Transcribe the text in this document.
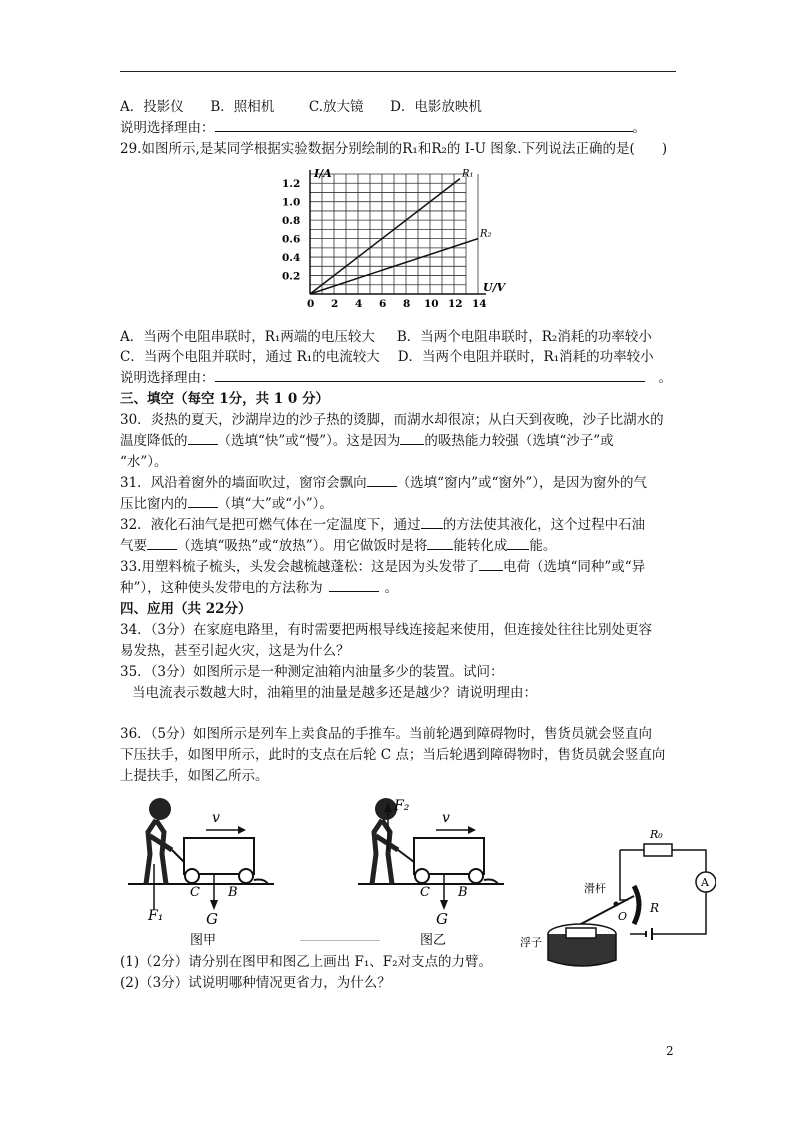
A．投影仪 B．照相机	C.放大镜 D．电影放映机
说明选择理由：	。
29.如图所示,是某同学根据实验数据分别绘制的R₁和R₂的 I-U 图象.下列说法正确的是(　　)
0 2 4 6 8 10 12 14
0.2
0.4
0.6
0.8
1.0
1.2
R₁
R₂
I/A
U/V
A．当两个电阻串联时，R₁两端的电压较大 B．当两个电阻串联时，R₂消耗的功率较小
C．当两个电阻并联时，通过 R₁的电流较大 D．当两个电阻并联时，R₁消耗的功率较小
说明选择理由：	。
三、填空（每空 1分，共 1 0 分）
30．炎热的夏天，沙湖岸边的沙子热的烫脚，而湖水却很凉；从白天到夜晚，沙子比湖水的
温度降低的 （选填“快”或“慢”）。这是因为 的吸热能力较强（选填“沙子”或
“水”）。
31．风沿着窗外的墙面吹过，窗帘会飘向 （选填“窗内”或“窗外”），是因为窗外的气
压比窗内的 （填“大”或“小”）。
32．液化石油气是把可燃气体在一定温度下，通过 的方法使其液化，这个过程中石油
气要 （选填“吸热”或“放热”）。用它做饭时是将 能转化成 能。
33.用塑料梳子梳头，头发会越梳越蓬松：这是因为头发带了 电荷（选填“同种”或“异
种”），这种使头发带电的方法称为	。
四、应用（共 22分）
34．（3分）在家庭电路里，有时需要把两根导线连接起来使用，但连接处往往比别处更容
易发热，甚至引起火灾，这是为什么？
35．（3分）如图所示是一种测定油箱内油量多少的装置。试问：
当电流表示数越大时，油箱里的油量是越多还是越少？请说明理由：
36．（5分）如图所示是列车上卖食品的手推车。当前轮遇到障碍物时，售货员就会竖直向
下压扶手，如图甲所示，此时的支点在后轮 C 点；当后轮遇到障碍物时，售货员就会竖直向
上提扶手，如图乙所示。
v
C B
F₁	G
图甲
v
F₂
C B
G
图乙
R₀
A
R
滑杆
O
浮子
(1)（2分）请分别在图甲和图乙上画出 F₁、F₂对支点的力臂。
(2)（3分）试说明哪种情况更省力，为什么？
2
